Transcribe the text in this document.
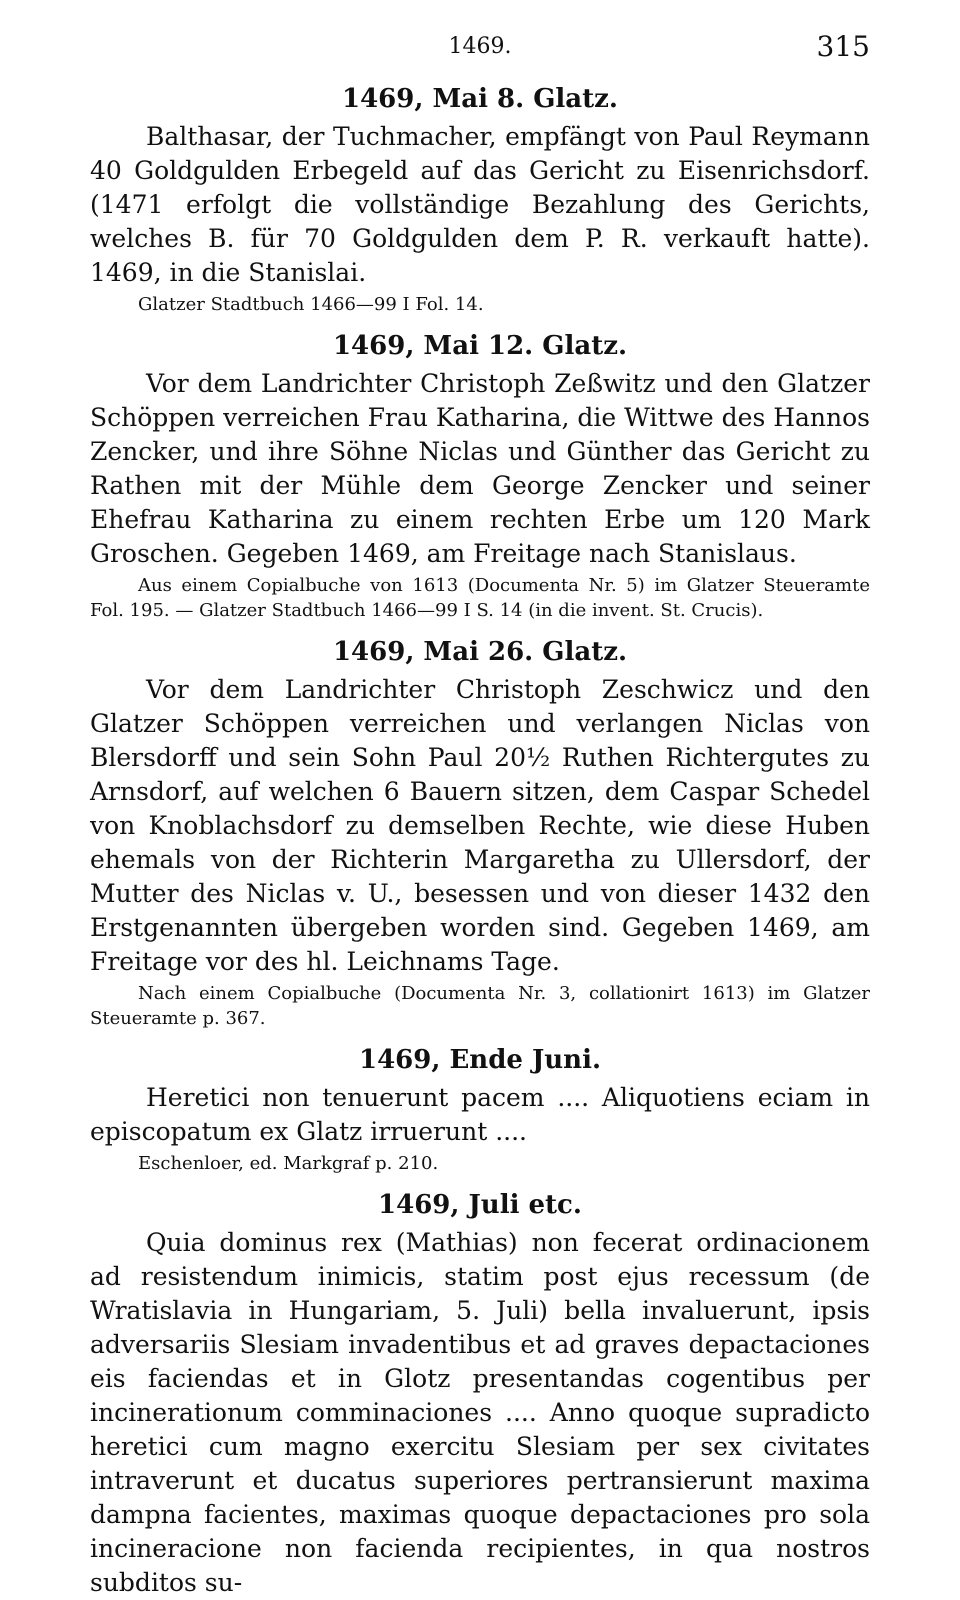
1469.	315
1469, Mai 8. Glatz.

Balthasar, der Tuchmacher, empfängt von Paul Reymann 40 Goldgulden Erbegeld auf das Gericht zu Eisenrichsdorf. (1471 erfolgt die vollständige Bezahlung des Gerichts, welches B. für 70 Goldgulden dem P. R. verkauft hatte). 1469, in die Stanislai.

Glatzer Stadtbuch 1466—99 I Fol. 14.

1469, Mai 12. Glatz.

Vor dem Landrichter Christoph Zeßwitz und den Glatzer Schöppen verreichen Frau Katharina, die Wittwe des Hannos Zencker, und ihre Söhne Niclas und Günther das Gericht zu Rathen mit der Mühle dem George Zencker und seiner Ehefrau Katharina zu einem rechten Erbe um 120 Mark Groschen. Gegeben 1469, am Freitage nach Stanislaus.

Aus einem Copialbuche von 1613 (Documenta Nr. 5) im Glatzer Steueramte Fol. 195. — Glatzer Stadtbuch 1466—99 I S. 14 (in die invent. St. Crucis).

1469, Mai 26. Glatz.

Vor dem Landrichter Christoph Zeschwicz und den Glatzer Schöppen verreichen und verlangen Niclas von Blersdorff und sein Sohn Paul 20½ Ruthen Richtergutes zu Arnsdorf, auf welchen 6 Bauern sitzen, dem Caspar Schedel von Knoblachsdorf zu demselben Rechte, wie diese Huben ehemals von der Richterin Margaretha zu Ullersdorf, der Mutter des Niclas v. U., besessen und von dieser 1432 den Erstgenannten übergeben worden sind. Gegeben 1469, am Freitage vor des hl. Leichnams Tage.

Nach einem Copialbuche (Documenta Nr. 3, collationirt 1613) im Glatzer Steueramte p. 367.

1469, Ende Juni.

Heretici non tenuerunt pacem .... Aliquotiens eciam in episcopatum ex Glatz irruerunt ....

Eschenloer, ed. Markgraf p. 210.

1469, Juli etc.

Quia dominus rex (Mathias) non fecerat ordinacionem ad resistendum inimicis, statim post ejus recessum (de Wratislavia in Hungariam, 5. Juli) bella invaluerunt, ipsis adversariis Slesiam invadentibus et ad graves depactaciones eis faciendas et in Glotz presentandas cogentibus per incinerationum comminaciones .... Anno quoque supradicto heretici cum magno exercitu Slesiam per sex civitates intraverunt et ducatus superiores pertransierunt maxima dampna facientes, maximas quoque depactaciones pro sola incineracione non facienda recipientes, in qua nostros subditos su-
